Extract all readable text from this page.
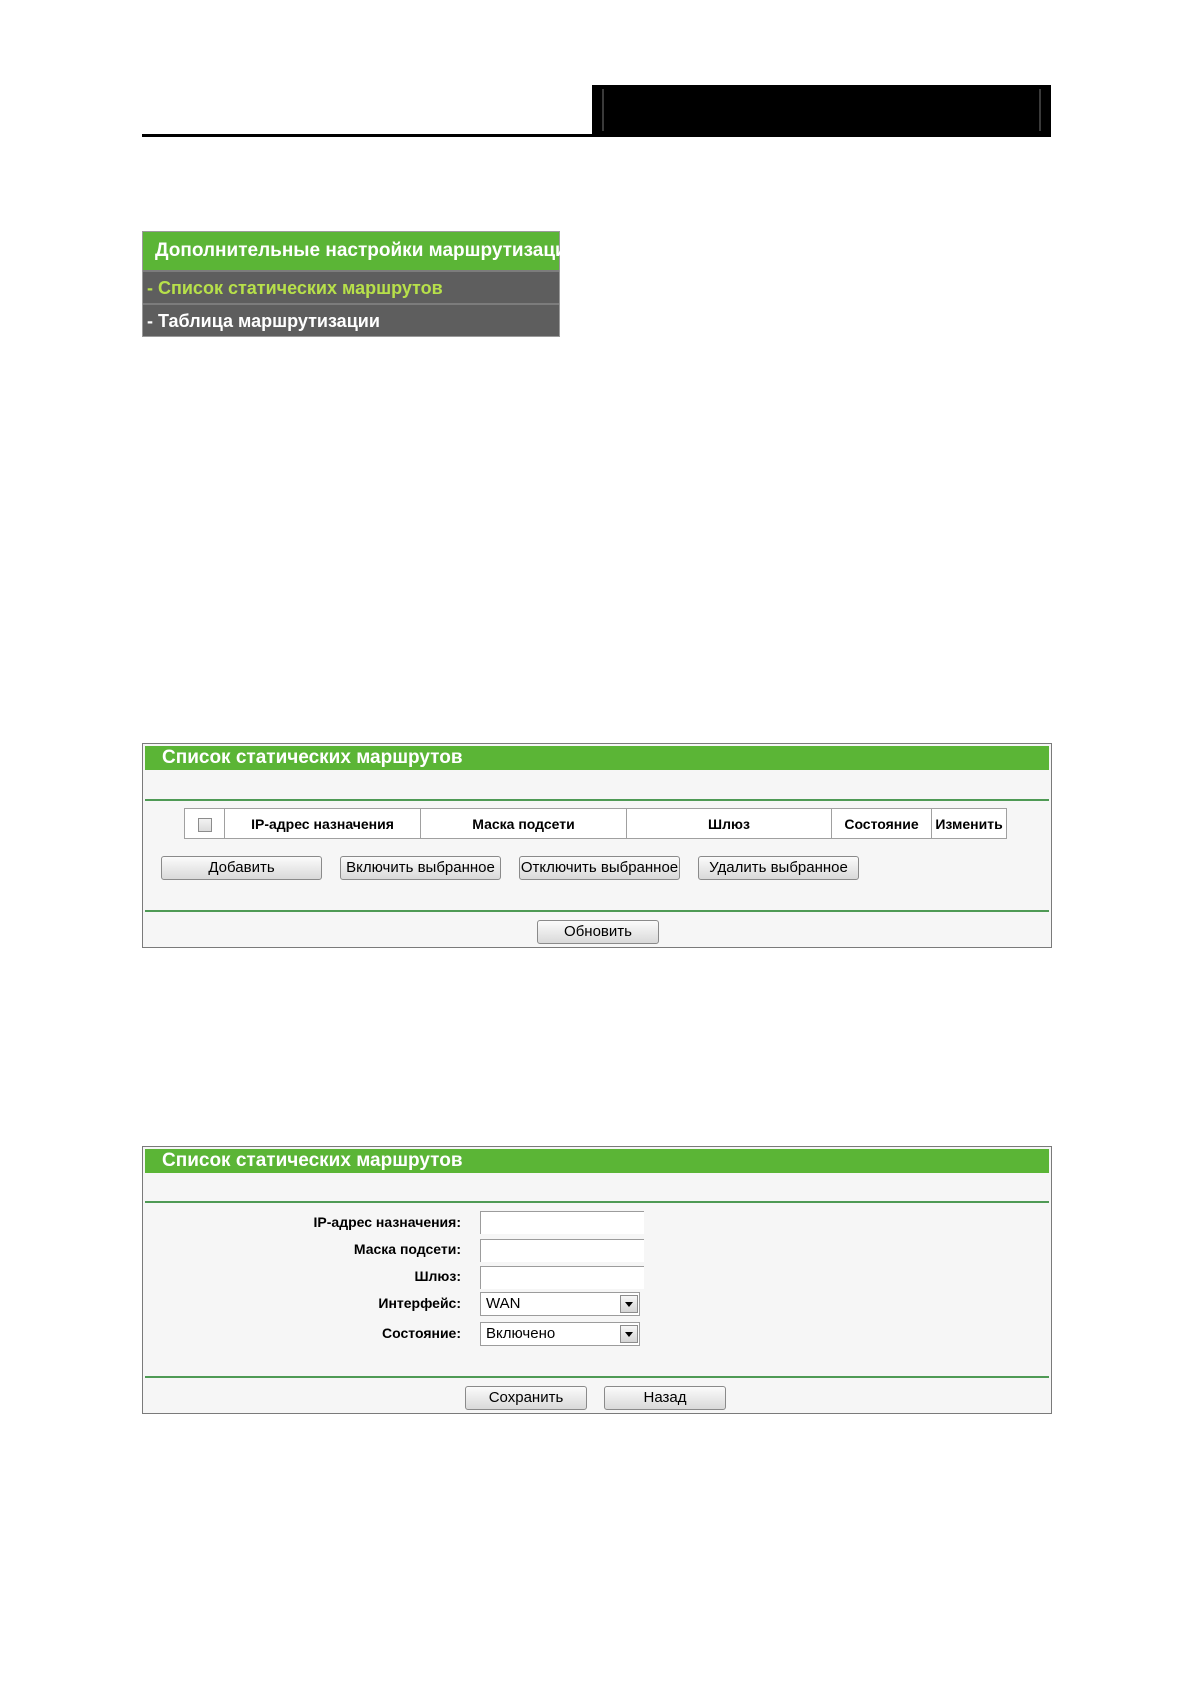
Дополнительные настройки маршрутизации
- Список статических маршрутов
- Таблица маршрутизации
Список статических маршрутов
	IP-адрес назначения	Маска подсети	Шлюз	Состояние	Изменить
Добавить	Включить выбранное	Отключить выбранное	Удалить выбранное
Обновить
Список статических маршрутов
IP-адрес назначения:
Маска подсети:
Шлюз:
Интерфейс:	WAN
Состояние:	Включено
Сохранить	Назад
